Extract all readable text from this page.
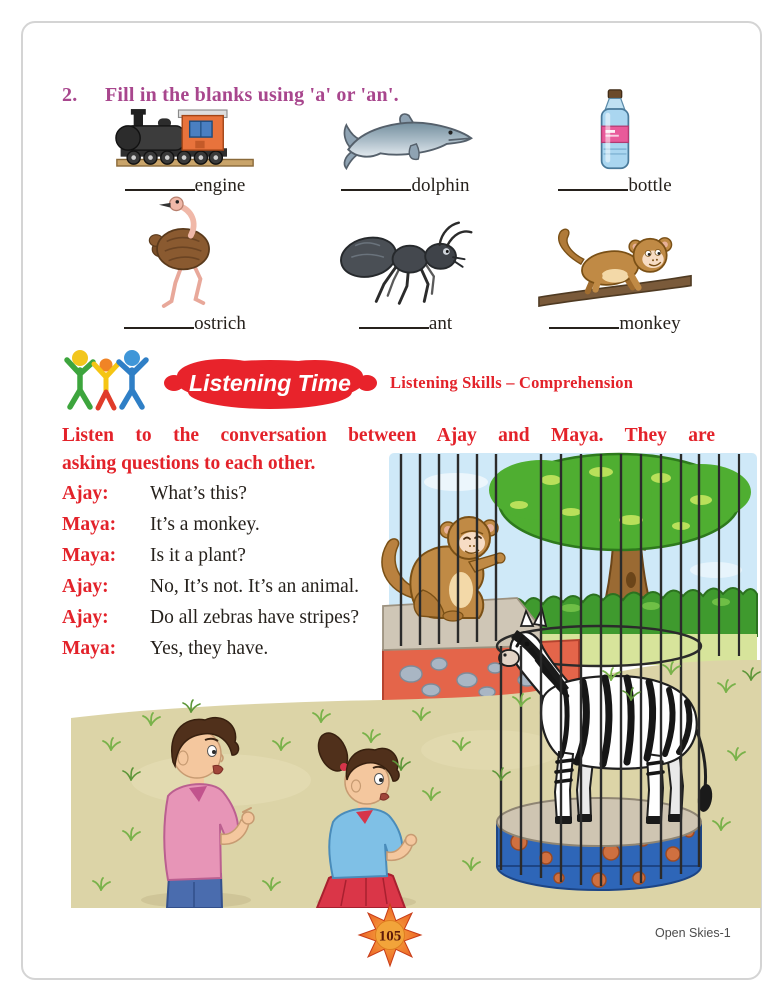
2.	Fill in the blanks using 'a' or 'an'.
engine	dolphin	bottle
ostrich	ant	monkey
Listening Time Listening Skills – Comprehension
Listen to the conversation between Ajay and Maya. They are
asking questions to each other.
Ajay: What’s this?
Maya: It’s a monkey.
Maya: Is it a plant?
Ajay: No, It’s not. It’s an animal.
Ajay: Do all zebras have stripes?
Maya: Yes, they have.
105	Open Skies-1
